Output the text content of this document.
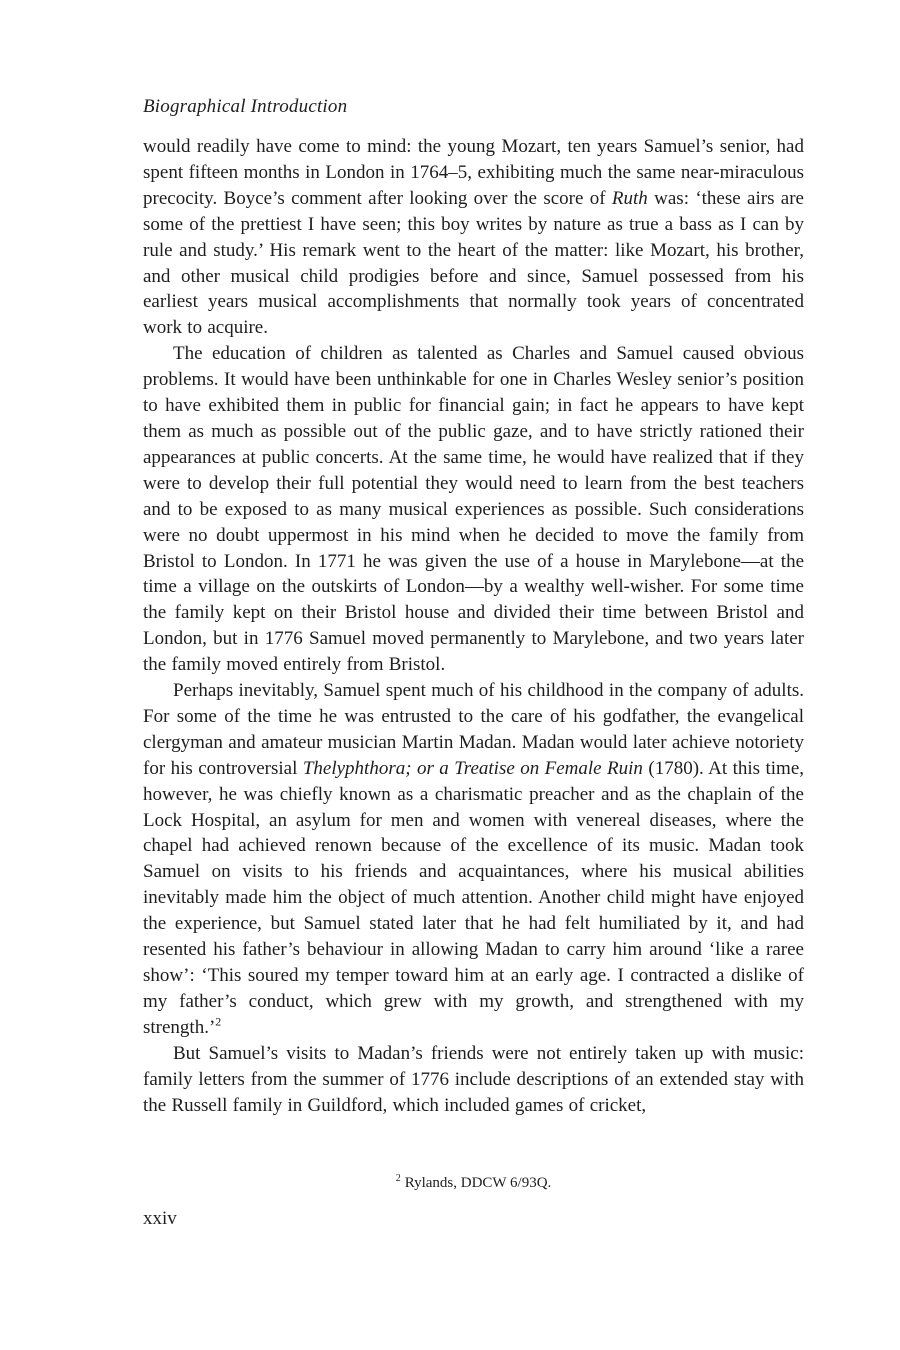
Biographical Introduction

would readily have come to mind: the young Mozart, ten years Samuel’s senior, had spent fifteen months in London in 1764–5, exhibiting much the same near-miraculous precocity. Boyce’s comment after looking over the score of Ruth was: ‘these airs are some of the prettiest I have seen; this boy writes by nature as true a bass as I can by rule and study.’ His remark went to the heart of the matter: like Mozart, his brother, and other musical child prodigies before and since, Samuel possessed from his earliest years musical accomplishments that normally took years of concentrated work to acquire.

The education of children as talented as Charles and Samuel caused obvious problems. It would have been unthinkable for one in Charles Wesley senior’s position to have exhibited them in public for financial gain; in fact he appears to have kept them as much as possible out of the public gaze, and to have strictly rationed their appearances at public concerts. At the same time, he would have realized that if they were to develop their full potential they would need to learn from the best teachers and to be exposed to as many musical experiences as possible. Such considerations were no doubt uppermost in his mind when he decided to move the family from Bristol to London. In 1771 he was given the use of a house in Marylebone—at the time a village on the outskirts of London—by a wealthy well-wisher. For some time the family kept on their Bristol house and divided their time between Bristol and London, but in 1776 Samuel moved permanently to Marylebone, and two years later the family moved entirely from Bristol.

Perhaps inevitably, Samuel spent much of his childhood in the company of adults. For some of the time he was entrusted to the care of his godfather, the evangelical clergyman and amateur musician Martin Madan. Madan would later achieve notoriety for his controversial Thelyphthora; or a Treatise on Female Ruin (1780). At this time, however, he was chiefly known as a charismatic preacher and as the chaplain of the Lock Hospital, an asylum for men and women with venereal diseases, where the chapel had achieved renown because of the excellence of its music. Madan took Samuel on visits to his friends and acquaintances, where his musical abilities inevitably made him the object of much attention. Another child might have enjoyed the experience, but Samuel stated later that he had felt humiliated by it, and had resented his father’s behaviour in allowing Madan to carry him around ‘like a raree show’: ‘This soured my temper toward him at an early age. I contracted a dislike of my father’s conduct, which grew with my growth, and strengthened with my strength.’$^2$

But Samuel’s visits to Madan’s friends were not entirely taken up with music: family letters from the summer of 1776 include descriptions of an extended stay with the Russell family in Guildford, which included games of cricket,

$^2$ Rylands, DDCW 6/93Q.
xxiv
